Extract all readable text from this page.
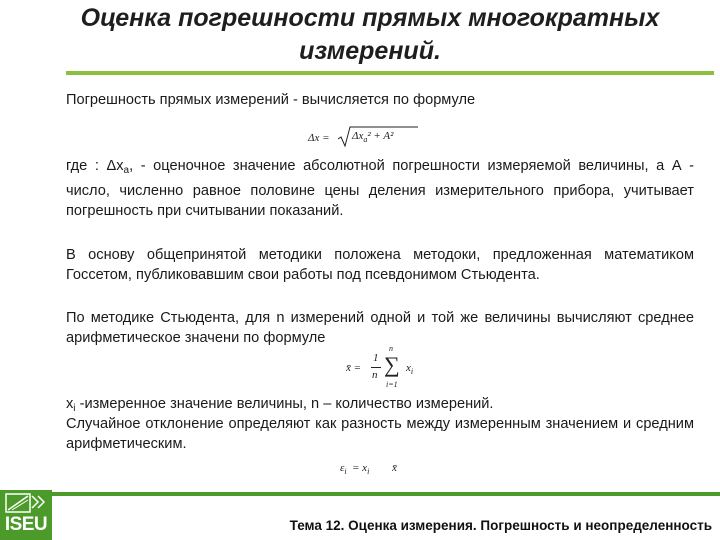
Оценка погрешности прямых многократных
измерений.
Погрешность прямых измерений - вычисляется по формуле
$\Delta x = \Delta x_a^2 + A^2$
где : $\Delta x_a$, - оценочное значение абсолютной погрешности измеряемой величины, а А - число, численно равное половине цены деления измерительного прибора, учитывает погрешность при считывании показаний.
В основу общепринятой методики положена методоки, предложенная математиком Госсетом, публиковавшим свои работы под псевдонимом Стьюдента.
По методике Стьюдента, для n измерений одной и той же величины вычисляют среднее арифметическое значени по формуле
x̄ =
1
n
n
∑
i=1
$x_i$
$x_i$ -измеренное значение величины, n – количество измерений.
Случайное отклонение определяют как разность между измеренным значением и средним арифметическим.
$\varepsilon_i = x_i$ x̄
ISEU	Тема 12. Оценка измерения. Погрешность и неопределенность
